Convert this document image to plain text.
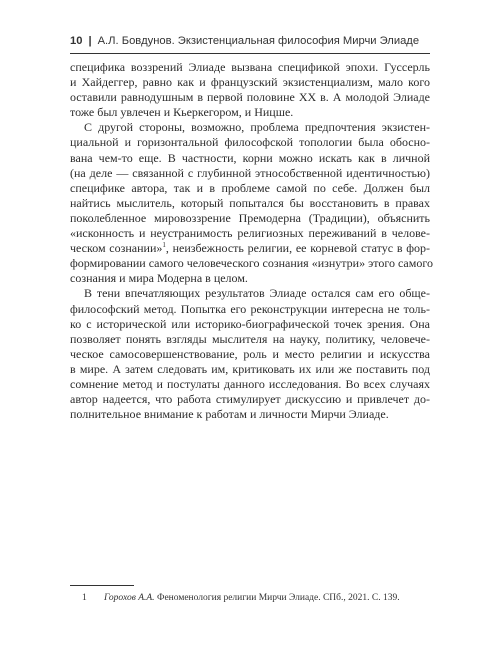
10 | А.Л. Бовдунов. Экзистенциальная философия Мирчи Элиаде

специфика воззрений Элиаде вызвана спецификой эпохи. Гуссерль
и Хайдеггер, равно как и французский экзистенциализм, мало кого
оставили равнодушным в первой половине XX в. А молодой Элиаде
тоже был увлечен и Кьеркегором, и Ницше.

С другой стороны, возможно, проблема предпочтения экзистен-
циальной и горизонтальной философской топологии была обосно-
вана чем-то еще. В частности, корни можно искать как в личной
(на деле — связанной с глубинной этнособственной идентичностью)
специфике автора, так и в проблеме самой по себе. Должен был
найтись мыслитель, который попытался бы восстановить в правах
поколебленное мировоззрение Премодерна (Традиции), объяснить
«исконность и неустранимость религиозных переживаний в челове-
ческом сознании»$^1$, неизбежность религии, ее корневой статус в фор-
формировании самого человеческого сознания «изнутри» этого самого
сознания и мира Модерна в целом.

В тени впечатляющих результатов Элиаде остался сам его обще-
философский метод. Попытка его реконструкции интересна не толь-
ко с исторической или историко-биографической точек зрения. Она
позволяет понять взгляды мыслителя на науку, политику, человече-
ческое самосовершенствование, роль и место религии и искусства
в мире. А затем следовать им, критиковать их или же поставить под
сомнение метод и постулаты данного исследования. Во всех случаях
автор надеется, что работа стимулирует дискуссию и привлечет до-
полнительное внимание к работам и личности Мирчи Элиаде.

1 Горохов А.А. Феноменология религии Мирчи Элиаде. СПб., 2021. С. 139.
